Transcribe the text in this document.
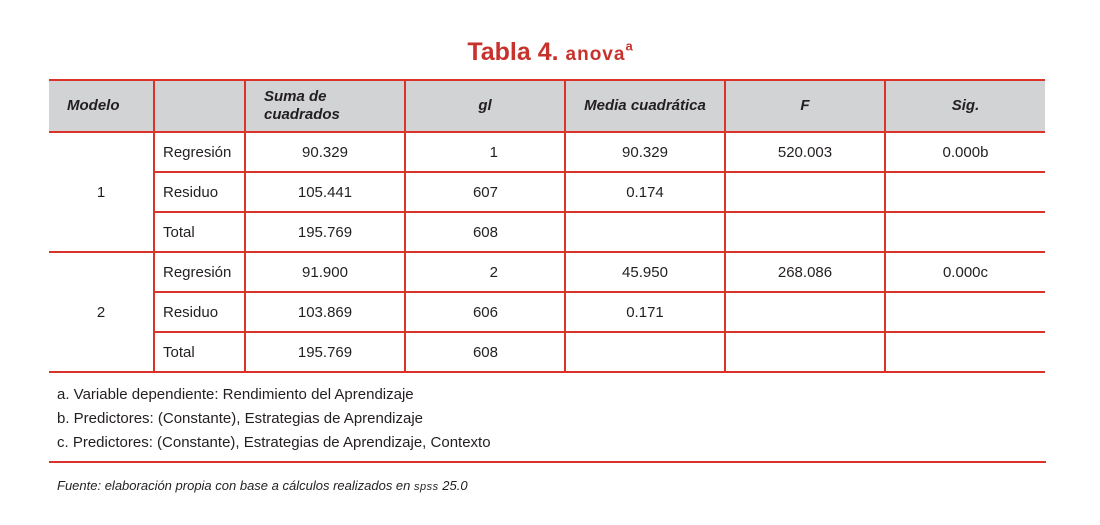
Tabla 4. anova$^a$
Modelo		Suma de cuadrados	gl	Media cuadrática	F	Sig.
1	Regresión	90.329	1	90.329	520.003	0.000b
	Residuo	105.441	607	0.174		
	Total	195.769	608			
2	Regresión	91.900	2	45.950	268.086	0.000c
	Residuo	103.869	606	0.171		
	Total	195.769	608			
a. Variable dependiente: Rendimiento del Aprendizaje
b. Predictores: (Constante), Estrategias de Aprendizaje
c. Predictores: (Constante), Estrategias de Aprendizaje, Contexto
Fuente: elaboración propia con base a cálculos realizados en spss 25.0
